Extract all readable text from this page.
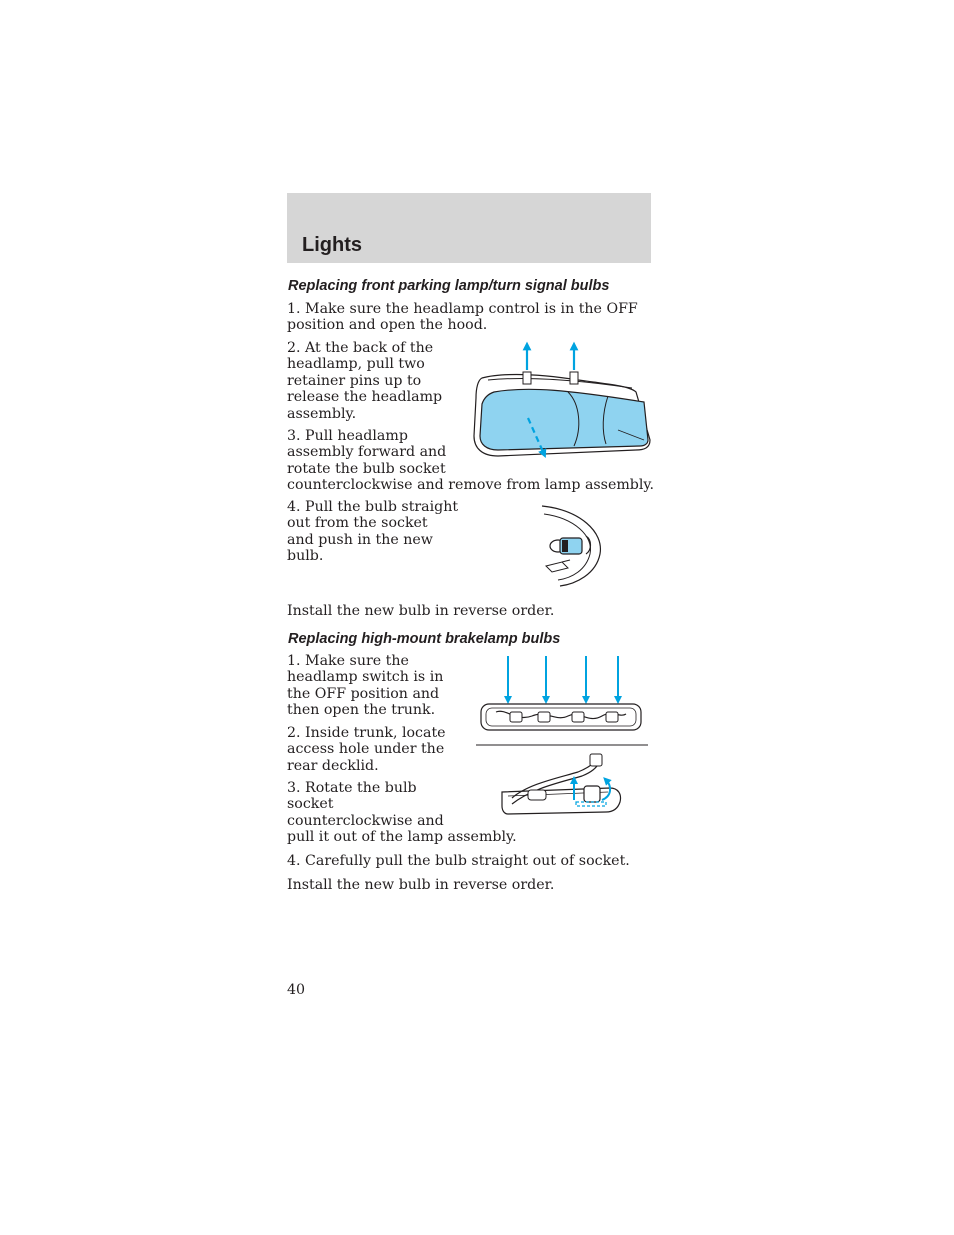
Lights
Replacing front parking lamp/turn signal bulbs

1. Make sure the headlamp control is in the OFF
position and open the hood.

2. At the back of the
headlamp, pull two
retainer pins up to
release the headlamp
assembly.

3. Pull headlamp
assembly forward and
rotate the bulb socket
counterclockwise and remove from lamp assembly.

4. Pull the bulb straight
out from the socket
and push in the new
bulb.

Install the new bulb in reverse order.

Replacing high-mount brakelamp bulbs

1. Make sure the
headlamp switch is in
the OFF position and
then open the trunk.

2. Inside trunk, locate
access hole under the
rear decklid.

3. Rotate the bulb
socket
counterclockwise and
pull it out of the lamp assembly.

4. Carefully pull the bulb straight out of socket.

Install the new bulb in reverse order.

40
